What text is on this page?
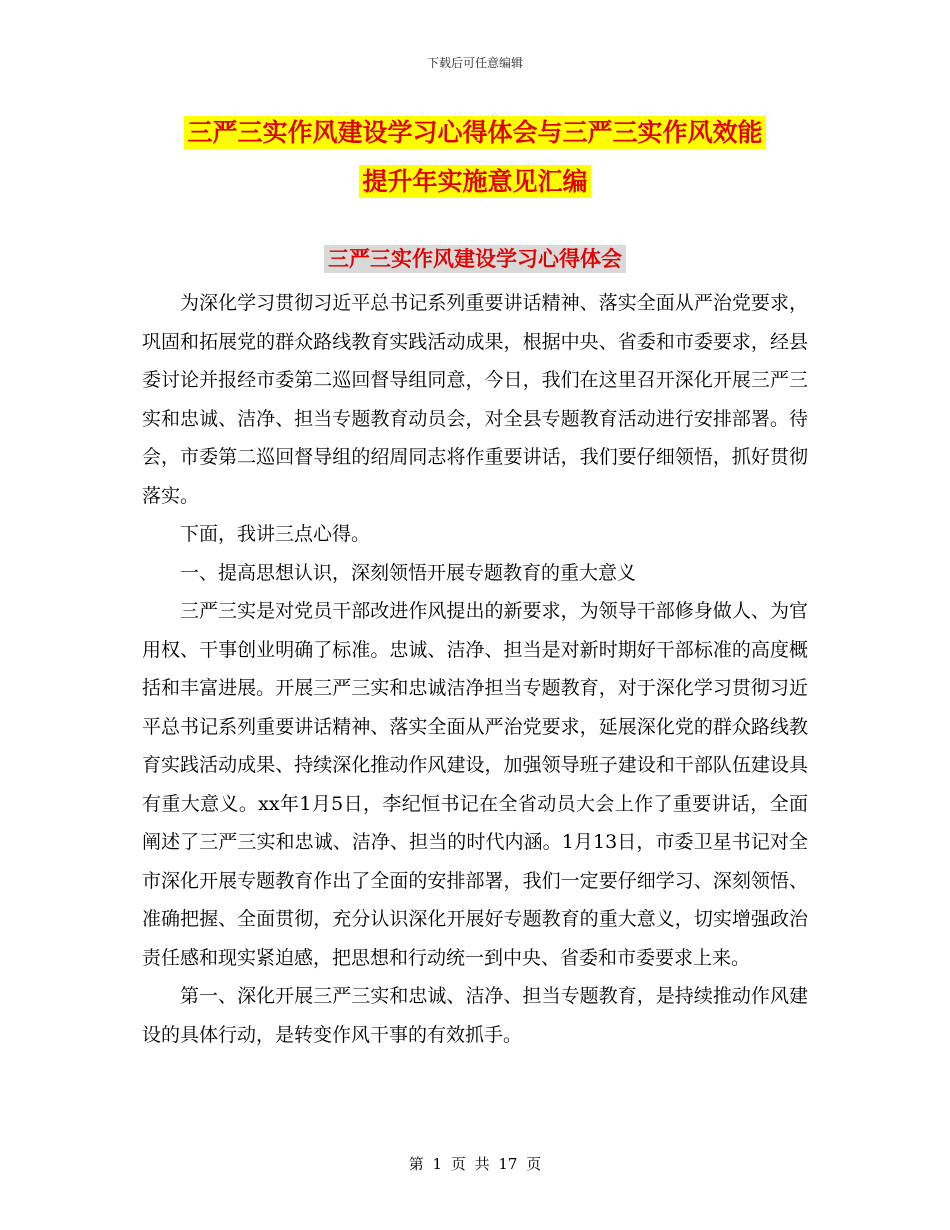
下载后可任意编辑
三严三实作风建设学习心得体会与三严三实作风效能
提升年实施意见汇编
三严三实作风建设学习心得体会

为深化学习贯彻习近平总书记系列重要讲话精神、落实全面从严治党要求，巩固和拓展党的群众路线教育实践活动成果，根据中央、省委和市委要求，经县委讨论并报经市委第二巡回督导组同意，今日，我们在这里召开深化开展三严三实和忠诚、洁净、担当专题教育动员会，对全县专题教育活动进行安排部署。待会，市委第二巡回督导组的绍周同志将作重要讲话，我们要仔细领悟，抓好贯彻落实。

下面，我讲三点心得。

一、提高思想认识，深刻领悟开展专题教育的重大意义

三严三实是对党员干部改进作风提出的新要求，为领导干部修身做人、为官用权、干事创业明确了标准。忠诚、洁净、担当是对新时期好干部标准的高度概括和丰富进展。开展三严三实和忠诚洁净担当专题教育，对于深化学习贯彻习近平总书记系列重要讲话精神、落实全面从严治党要求，延展深化党的群众路线教育实践活动成果、持续深化推动作风建设，加强领导班子建设和干部队伍建设具有重大意义。xx年1月5日，李纪恒书记在全省动员大会上作了重要讲话，全面阐述了三严三实和忠诚、洁净、担当的时代内涵。1月13日，市委卫星书记对全市深化开展专题教育作出了全面的安排部署，我们一定要仔细学习、深刻领悟、准确把握、全面贯彻，充分认识深化开展好专题教育的重大意义，切实增强政治责任感和现实紧迫感，把思想和行动统一到中央、省委和市委要求上来。

第一、深化开展三严三实和忠诚、洁净、担当专题教育，是持续推动作风建设的具体行动，是转变作风干事的有效抓手。

第 1 页 共 17 页
